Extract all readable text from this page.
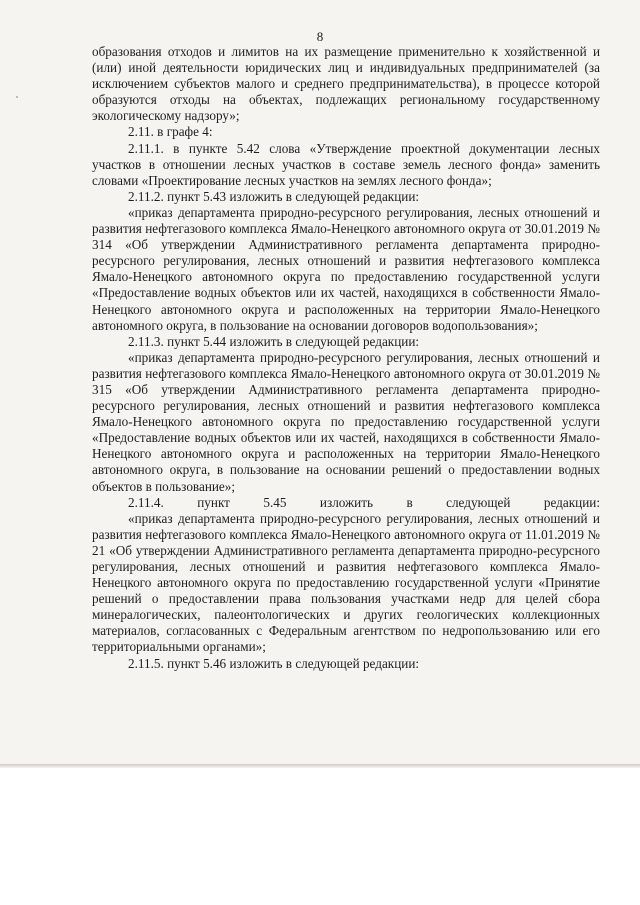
8

образования отходов и лимитов на их размещение применительно к хозяйственной и (или) иной деятельности юридических лиц и индивидуальных предпринимателей (за исключением субъектов малого и среднего предпринимательства), в процессе которой образуются отходы на объектах, подлежащих региональному государственному экологическому надзору»;

2.11. в графе 4:

2.11.1. в пункте 5.42 слова «Утверждение проектной документации лесных участков в отношении лесных участков в составе земель лесного фонда» заменить словами «Проектирование лесных участков на землях лесного фонда»;

2.11.2. пункт 5.43 изложить в следующей редакции:

«приказ департамента природно-ресурсного регулирования, лесных отношений и развития нефтегазового комплекса Ямало-Ненецкого автономного округа от 30.01.2019 № 314 «Об утверждении Административного регламента департамента природно-ресурсного регулирования, лесных отношений и развития нефтегазового комплекса Ямало-Ненецкого автономного округа по предоставлению государственной услуги «Предоставление водных объектов или их частей, находящихся в собственности Ямало-Ненецкого автономного округа и расположенных на территории Ямало-Ненецкого автономного округа, в пользование на основании договоров водопользования»;

2.11.3. пункт 5.44 изложить в следующей редакции:

«приказ департамента природно-ресурсного регулирования, лесных отношений и развития нефтегазового комплекса Ямало-Ненецкого автономного округа от 30.01.2019 № 315 «Об утверждении Административного регламента департамента природно-ресурсного регулирования, лесных отношений и развития нефтегазового комплекса Ямало-Ненецкого автономного округа по предоставлению государственной услуги «Предоставление водных объектов или их частей, находящихся в собственности Ямало-Ненецкого автономного округа и расположенных на территории Ямало-Ненецкого автономного округа, в пользование на основании решений о предоставлении водных объектов в пользование»;

2.11.4. пункт 5.45 изложить в следующей редакции:

«приказ департамента природно-ресурсного регулирования, лесных отношений и развития нефтегазового комплекса Ямало-Ненецкого автономного округа от 11.01.2019 № 21 «Об утверждении Административного регламента департамента природно-ресурсного регулирования, лесных отношений и развития нефтегазового комплекса Ямало-Ненецкого автономного округа по предоставлению государственной услуги «Принятие решений о предоставлении права пользования участками недр для целей сбора минералогических, палеонтологических и других геологических коллекционных материалов, согласованных с Федеральным агентством по недропользованию или его территориальными органами»;

2.11.5. пункт 5.46 изложить в следующей редакции:
